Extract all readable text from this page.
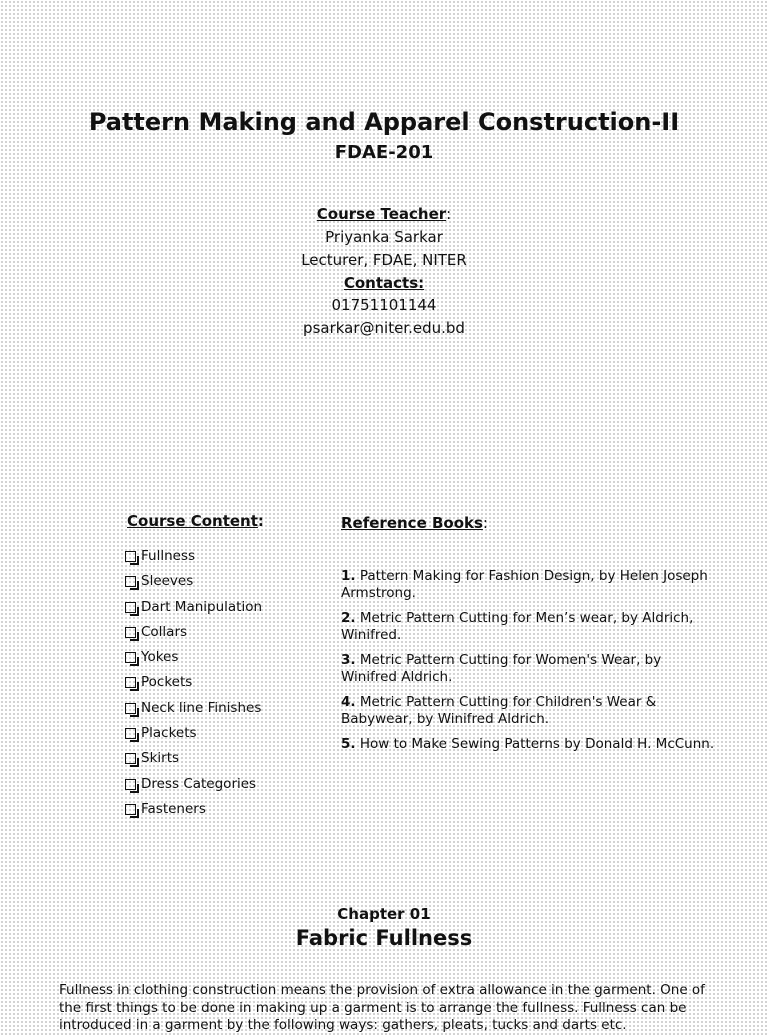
Pattern Making and Apparel Construction-II
FDAE-201
Course Teacher:
Priyanka Sarkar
Lecturer, FDAE, NITER
Contacts:
01751101144
psarkar@niter.edu.bd
Course Content:
Fullness
Sleeves
Dart Manipulation
Collars
Yokes
Pockets
Neck line Finishes
Plackets
Skirts
Dress Categories
Fasteners
Reference Books:
1. Pattern Making for Fashion Design, by Helen Joseph Armstrong.
2. Metric Pattern Cutting for Men’s wear, by Aldrich, Winifred.
3. Metric Pattern Cutting for Women's Wear, by Winifred Aldrich.
4. Metric Pattern Cutting for Children's Wear & Babywear, by Winifred Aldrich.
5. How to Make Sewing Patterns by Donald H. McCunn.
Chapter 01
Fabric Fullness
Fullness in clothing construction means the provision of extra allowance in the garment. One of the first things to be done in making up a garment is to arrange the fullness. Fullness can be introduced in a garment by the following ways: gathers, pleats, tucks and darts etc.
